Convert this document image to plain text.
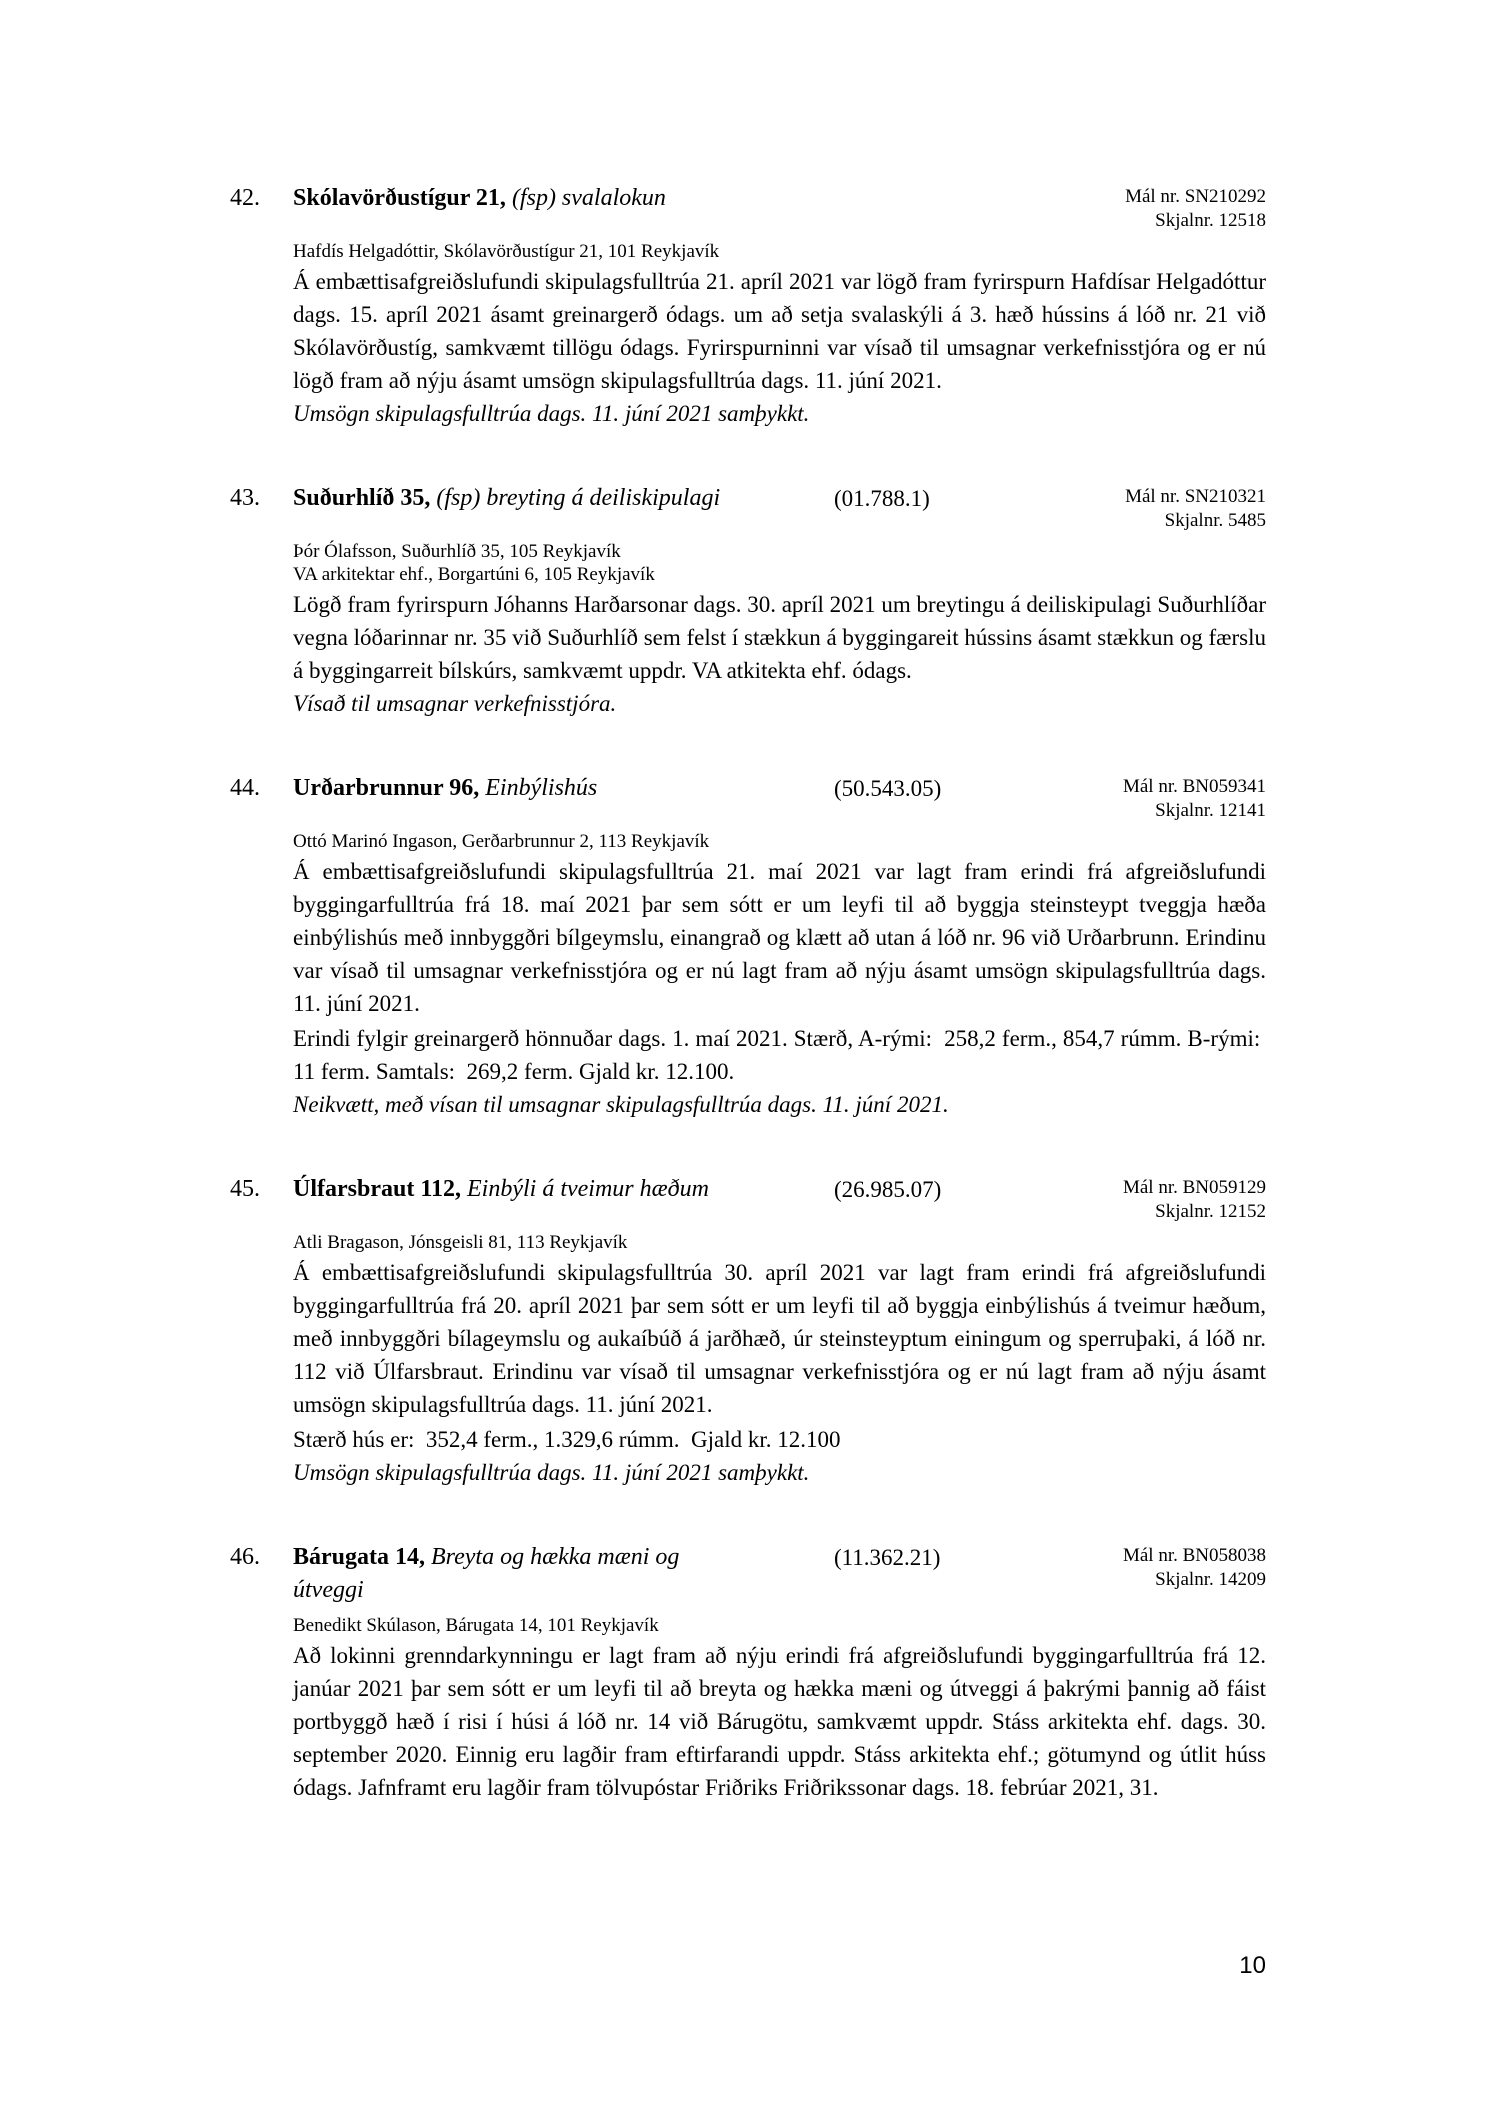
42.	Skólavörðustígur 21, (fsp) svalalokun	Mál nr. SN210292
Skjalnr. 12518
Hafdís Helgadóttir, Skólavörðustígur 21, 101 Reykjavík

Á embættisafgreiðslufundi skipulagsfulltrúa 21. apríl 2021 var lögð fram fyrirspurn Hafdísar Helgadóttur dags. 15. apríl 2021 ásamt greinargerð ódags. um að setja svalaskýli á 3. hæð hússins á lóð nr. 21 við Skólavörðustíg, samkvæmt tillögu ódags. Fyrirspurninni var vísað til umsagnar verkefnisstjóra og er nú lögð fram að nýju ásamt umsögn skipulagsfulltrúa dags. 11. júní 2021.

Umsögn skipulagsfulltrúa dags. 11. júní 2021 samþykkt.

43.	Suðurhlíð 35, (fsp) breyting á deiliskipulagi	(01.788.1)	Mál nr. SN210321
Skjalnr. 5485
Þór Ólafsson, Suðurhlíð 35, 105 Reykjavík
VA arkitektar ehf., Borgartúni 6, 105 Reykjavík

Lögð fram fyrirspurn Jóhanns Harðarsonar dags. 30. apríl 2021 um breytingu á deiliskipulagi Suðurhlíðar vegna lóðarinnar nr. 35 við Suðurhlíð sem felst í stækkun á byggingareit hússins ásamt stækkun og færslu á byggingarreit bílskúrs, samkvæmt uppdr. VA atkitekta ehf. ódags.

Vísað til umsagnar verkefnisstjóra.

44.	Urðarbrunnur 96, Einbýlishús	(50.543.05)	Mál nr. BN059341
Skjalnr. 12141
Ottó Marinó Ingason, Gerðarbrunnur 2, 113 Reykjavík

Á embættisafgreiðslufundi skipulagsfulltrúa 21. maí 2021 var lagt fram erindi frá afgreiðslufundi byggingarfulltrúa frá 18. maí 2021 þar sem sótt er um leyfi til að byggja steinsteypt tveggja hæða einbýlishús með innbyggðri bílgeymslu, einangrað og klætt að utan á lóð nr. 96 við Urðarbrunn. Erindinu var vísað til umsagnar verkefnisstjóra og er nú lagt fram að nýju ásamt umsögn skipulagsfulltrúa dags. 11. júní 2021.

Erindi fylgir greinargerð hönnuðar dags. 1. maí 2021. Stærð, A-rými:  258,2 ferm., 854,7 rúmm. B-rými:  11 ferm. Samtals:  269,2 ferm. Gjald kr. 12.100.

Neikvætt, með vísan til umsagnar skipulagsfulltrúa dags. 11. júní 2021.

45.	Úlfarsbraut 112, Einbýli á tveimur hæðum	(26.985.07)	Mál nr. BN059129
Skjalnr. 12152
Atli Bragason, Jónsgeisli 81, 113 Reykjavík

Á embættisafgreiðslufundi skipulagsfulltrúa 30. apríl 2021 var lagt fram erindi frá afgreiðslufundi byggingarfulltrúa frá 20. apríl 2021 þar sem sótt er um leyfi til að byggja einbýlishús á tveimur hæðum, með innbyggðri bílageymslu og aukaíbúð á jarðhæð, úr steinsteyptum einingum og sperruþaki, á lóð nr. 112 við Úlfarsbraut. Erindinu var vísað til umsagnar verkefnisstjóra og er nú lagt fram að nýju ásamt umsögn skipulagsfulltrúa dags. 11. júní 2021.

Stærð hús er:  352,4 ferm., 1.329,6 rúmm.  Gjald kr. 12.100

Umsögn skipulagsfulltrúa dags. 11. júní 2021 samþykkt.

46.	Bárugata 14, Breyta og hækka mæni og
útveggi
(11.362.21)	Mál nr. BN058038
Skjalnr. 14209
Benedikt Skúlason, Bárugata 14, 101 Reykjavík

Að lokinni grenndarkynningu er lagt fram að nýju erindi frá afgreiðslufundi byggingarfulltrúa frá 12. janúar 2021 þar sem sótt er um leyfi til að breyta og hækka mæni og útveggi á þakrými þannig að fáist portbyggð hæð í risi í húsi á lóð nr. 14 við Bárugötu, samkvæmt uppdr. Stáss arkitekta ehf. dags. 30. september 2020. Einnig eru lagðir fram eftirfarandi uppdr. Stáss arkitekta ehf.; götumynd og útlit húss ódags. Jafnframt eru lagðir fram tölvupóstar Friðriks Friðrikssonar dags. 18. febrúar 2021, 31.

10
